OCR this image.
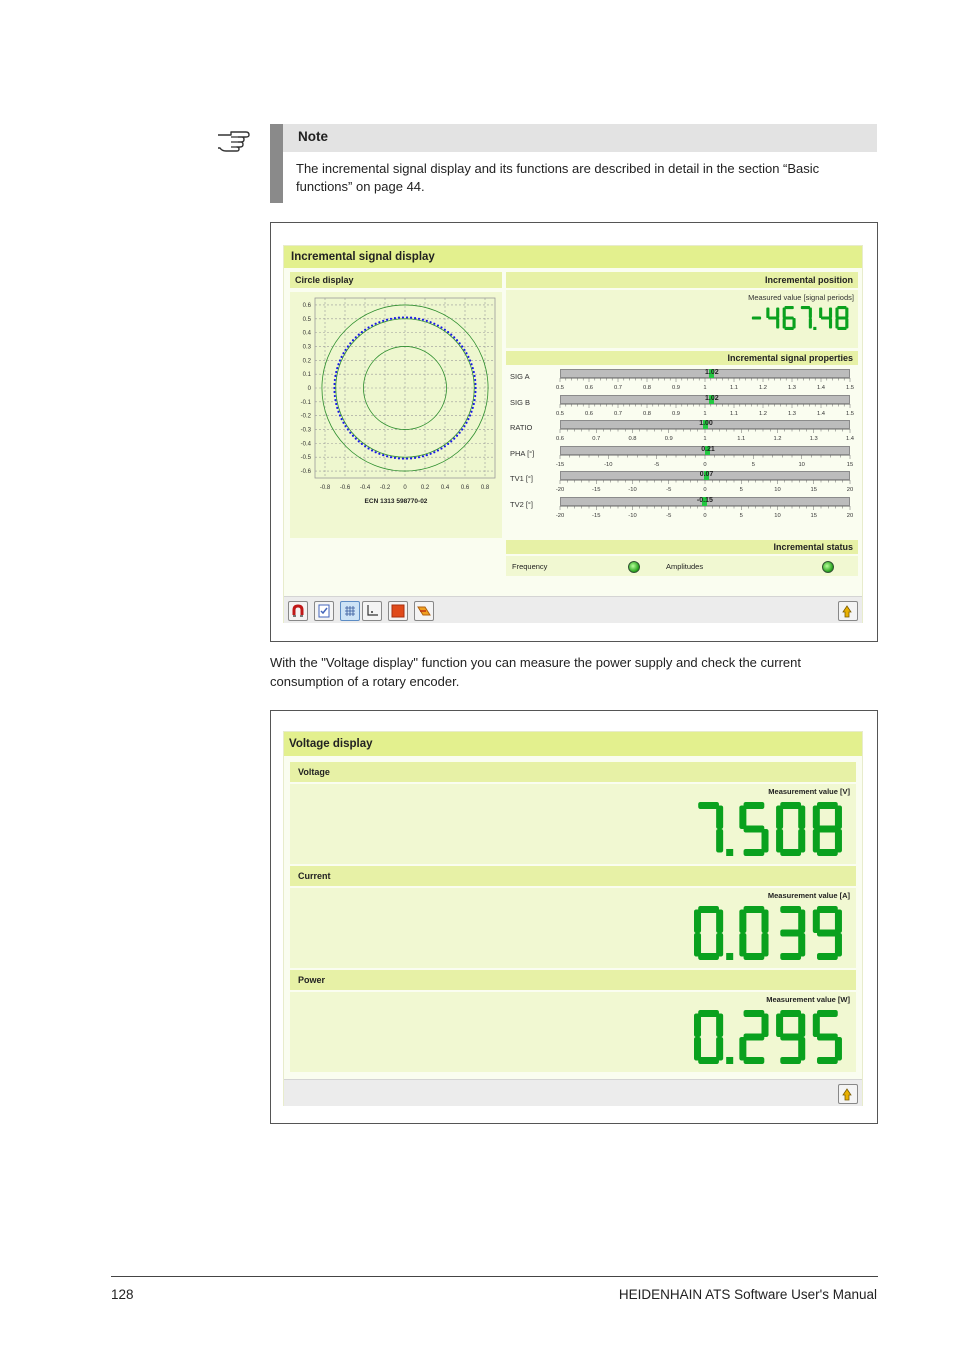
Note
The incremental signal display and its functions are described in detail in the section “Basic functions” on page 44.
Incremental signal display
Circle display
-0.8 -0.6 -0.4 -0.2 0 0.2 0.4 0.6 0.8
0.6
0.5
0.4
0.3
0.2
0.1
0
-0.1
-0.2
-0.3
-0.4
-0.5
-0.6
ECN 1313 598770-02
Incremental position
Measured value [signal periods]
Incremental signal properties
SIG A	1.02
0.5	0.6	0.7	0.8	0.9	1	1.1	1.2	1.3	1.4	1.5
SIG B	1.02
0.5	0.6	0.7	0.8	0.9	1	1.1	1.2	1.3	1.4	1.5
RATIO	1.00
0.6	0.7	0.8	0.9	1	1.1	1.2	1.3	1.4
PHA [°]	0.21
-15	-10	-5	0	5	10	15
TV1 [°]	0.07
-20	-15	-10	-5	0	5	10	15	20
TV2 [°]	-0.15
-20	-15	-10	-5	0	5	10	15	20
Incremental status
Frequency	Amplitudes
With the "Voltage display" function you can measure the power supply and check the current consumption of a rotary encoder.
Voltage display
Voltage
Measurement value [V]
Current
Measurement value [A]
Power
Measurement value [W]
128	HEIDENHAIN ATS Software User's Manual
